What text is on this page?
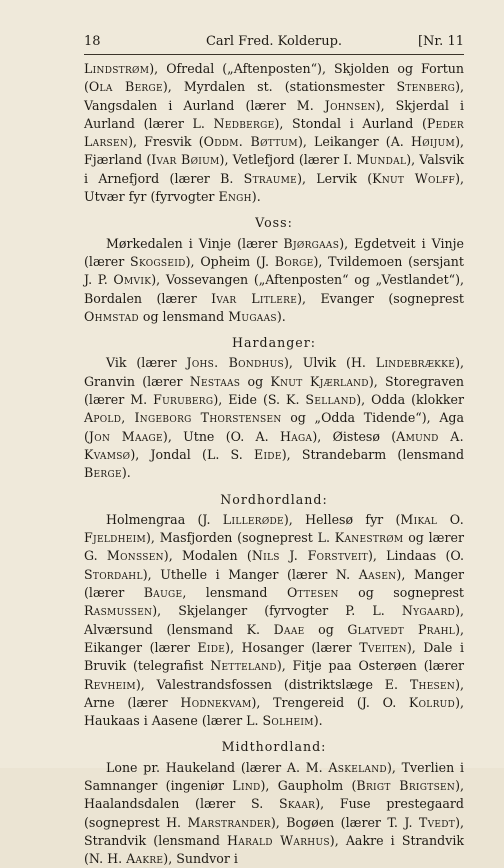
18	Carl Fred. Kolderup.	[Nr. 11

Lindstrøm), Ofredal („Aftenposten“), Skjolden og Fortun (Ola Berge), Myrdalen st. (stationsmester Stenberg), Vangsdalen i Aurland (lærer M. Johnsen), Skjerdal i Aurland (lærer L. Nedberge), Stondal i Aurland (Peder Larsen), Fresvik (Oddm. Bøttum), Leikanger (A. Høijum), Fjærland (Ivar Bøium), Vetlefjord (lærer I. Mundal), Valsvik i Arnefjord (lærer B. Straume), Lervik (Knut Wolff), Utvær fyr (fyrvogter Engh).

Voss:

Mørkedalen i Vinje (lærer Bjørgaas), Egdetveit i Vinje (lærer Skogseid), Opheim (J. Borge), Tvildemoen (sersjant J. P. Omvik), Vossevangen („Aftenposten“ og „Vestlandet“), Bordalen (lærer Ivar Litlere), Evanger (sogneprest Ohmstad og lensmand Mugaas).

Hardanger:

Vik (lærer Johs. Bondhus), Ulvik (H. Lindebrække), Granvin (lærer Nestaas og Knut Kjærland), Storegraven (lærer M. Furuberg), Eide (S. K. Selland), Odda (klokker Apold, Ingeborg Thorstensen og „Odda Tidende“), Aga (Jon Maage), Utne (O. A. Haga), Øistesø (Amund A. Kvamsø), Jondal (L. S. Eide), Strandebarm (lensmand Berge).

Nordhordland:

Holmengraa (J. Lillerøde), Hellesø fyr (Mikal O. Fjeldheim), Masfjorden (sogneprest L. Kanestrøm og lærer G. Monssen), Modalen (Nils J. Forstveit), Lindaas (O. Stordahl), Uthelle i Manger (lærer N. Aasen), Manger (lærer Bauge, lensmand Ottesen og sogneprest Rasmussen), Skjelanger (fyrvogter P. L. Nygaard), Alværsund (lensmand K. Daae og Glatvedt Prahl), Eikanger (lærer Eide), Hosanger (lærer Tveiten), Dale i Bruvik (telegrafist Netteland), Fitje paa Osterøen (lærer Revheim), Valestrandsfossen (distriktslæge E. Thesen), Arne (lærer Hodnekvam), Trengereid (J. O. Kolrud), Haukaas i Aasene (lærer L. Solheim).

Midthordland:

Lone pr. Haukeland (lærer A. M. Askeland), Tverlien i Samnanger (ingeniør Lind), Gaupholm (Brigt Brigtsen), Haalandsdalen (lærer S. Skaar), Fuse prestegaard (sogneprest H. Marstrander), Bogøen (lærer T. J. Tvedt), Strandvik (lensmand Harald Warhus), Aakre i Strandvik (N. H. Aakre), Sundvor i
